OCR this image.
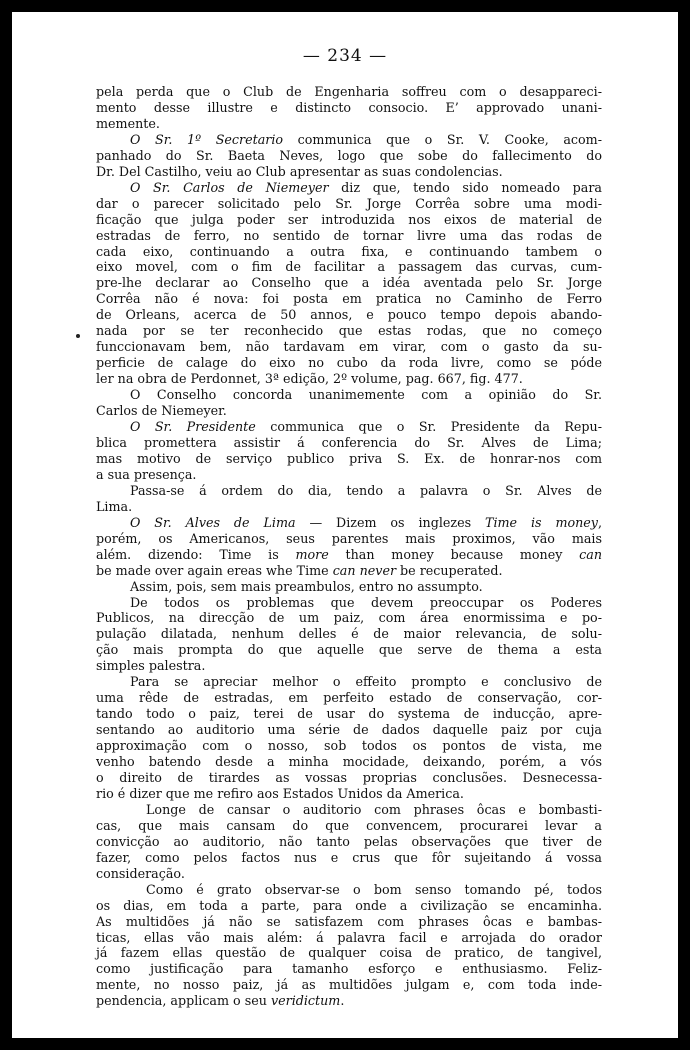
— 234 —
pela perda que o Club de Engenharia soffreu com o desappareci-
mento desse illustre e distincto consocio. E’ approvado unani-
memente.
O Sr. 1º Secretario communica que o Sr. V. Cooke, acom-
panhado do Sr. Baeta Neves, logo que sobe do fallecimento do
Dr. Del Castilho, veiu ao Club apresentar as suas condolencias.
O Sr. Carlos de Niemeyer diz que, tendo sido nomeado para
dar o parecer solicitado pelo Sr. Jorge Corrêa sobre uma modi-
ficação que julga poder ser introduzida nos eixos de material de
estradas de ferro, no sentido de tornar livre uma das rodas de
cada eixo, continuando a outra fixa, e continuando tambem o
eixo movel, com o fim de facilitar a passagem das curvas, cum-
pre-lhe declarar ao Conselho que a idéa aventada pelo Sr. Jorge
Corrêa não é nova: foi posta em pratica no Caminho de Ferro
de Orleans, acerca de 50 annos, e pouco tempo depois abando-
nada por se ter reconhecido que estas rodas, que no começo
funccionavam bem, não tardavam em virar, com o gasto da su-
perficie de calage do eixo no cubo da roda livre, como se póde
ler na obra de Perdonnet, 3ª edição, 2º volume, pag. 667, fig. 477.
O Conselho concorda unanimemente com a opinião do Sr.
Carlos de Niemeyer.
O Sr. Presidente communica que o Sr. Presidente da Repu-
blica promettera assistir á conferencia do Sr. Alves de Lima;
mas motivo de serviço publico priva S. Ex. de honrar-nos com
a sua presença.
Passa-se á ordem do dia, tendo a palavra o Sr. Alves de
Lima.
O Sr. Alves de Lima — Dizem os inglezes Time is money,
porém, os Americanos, seus parentes mais proximos, vão mais
além. dizendo: Time is more than money because money can
be made over again ereas whe Time can never be recuperated.
Assim, pois, sem mais preambulos, entro no assumpto.
De todos os problemas que devem preoccupar os Poderes
Publicos, na direcção de um paiz, com área enormissima e po-
pulação dilatada, nenhum delles é de maior relevancia, de solu-
ção mais prompta do que aquelle que serve de thema a esta
simples palestra.
Para se apreciar melhor o effeito prompto e conclusivo de
uma rêde de estradas, em perfeito estado de conservação, cor-
tando todo o paiz, terei de usar do systema de inducção, apre-
sentando ao auditorio uma série de dados daquelle paiz por cuja
approximação com o nosso, sob todos os pontos de vista, me
venho batendo desde a minha mocidade, deixando, porém, a vós
o direito de tirardes as vossas proprias conclusões. Desnecessa-
rio é dizer que me refiro aos Estados Unidos da America.
Longe de cansar o auditorio com phrases ôcas e bombasti-
cas, que mais cansam do que convencem, procurarei levar a
convicção ao auditorio, não tanto pelas observações que tiver de
fazer, como pelos factos nus e crus que fôr sujeitando á vossa
consideração.
Como é grato observar-se o bom senso tomando pé, todos
os dias, em toda a parte, para onde a civilização se encaminha.
As multidões já não se satisfazem com phrases ôcas e bambas-
ticas, ellas vão mais além: á palavra facil e arrojada do orador
já fazem ellas questão de qualquer coisa de pratico, de tangivel,
como justificação para tamanho esforço e enthusiasmo. Feliz-
mente, no nosso paiz, já as multidões julgam e, com toda inde-
pendencia, applicam o seu veridictum.
